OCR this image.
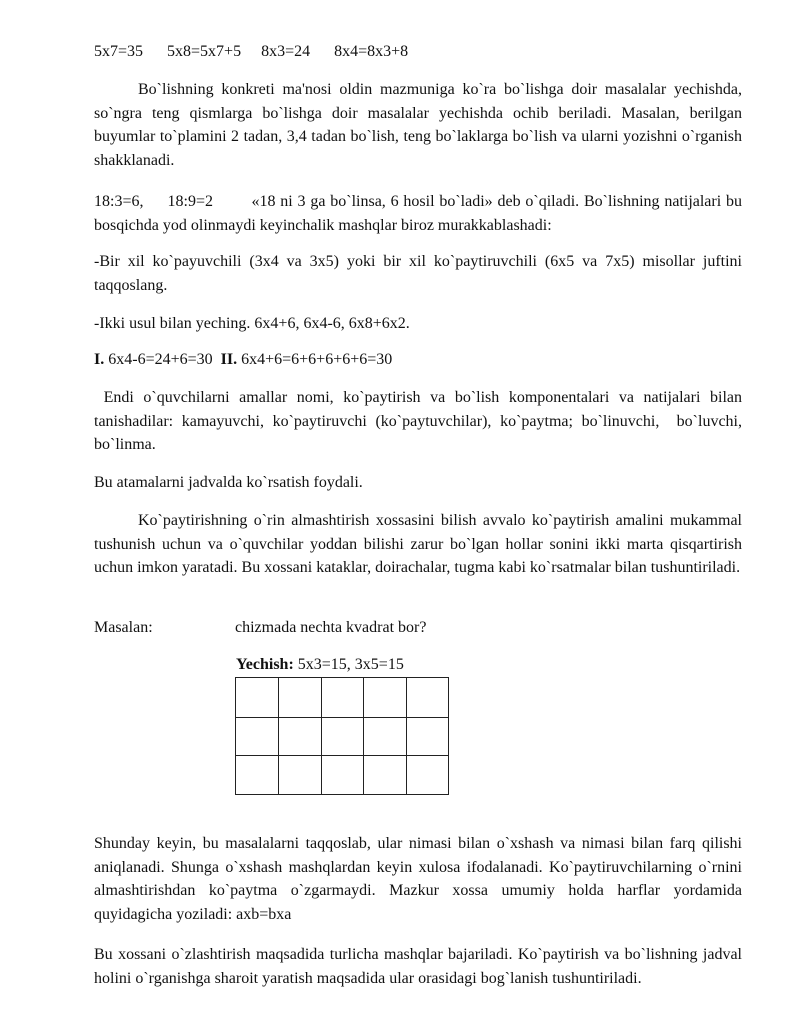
5x7=35 5x8=5x7+5 8x3=24 8x4=8x3+8

Bo`lishning konkreti ma'nosi oldin mazmuniga ko`ra bo`lishga doir masalalar yechishda, so`ngra teng qismlarga bo`lishga doir masalalar yechishda ochib beriladi. Masalan, berilgan buyumlar to`plamini 2 tadan, 3,4 tadan bo`lish, teng bo`laklarga bo`lish va ularni yozishni o`rganish shakklanadi.

18:3=6,     18:9=2        «18 ni 3 ga bo`linsa, 6 hosil bo`ladi» deb o`qiladi. Bo`lishning natijalari bu bosqichda yod olinmaydi keyinchalik mashqlar biroz murakkablashadi:

-Bir xil ko`payuvchili (3x4 va 3x5) yoki bir xil ko`paytiruvchili (6x5 va 7x5) misollar juftini taqqoslang.

-Ikki usul bilan yeching. 6x4+6, 6x4-6, 6x8+6x2.

I. 6x4-6=24+6=30  II. 6x4+6=6+6+6+6+6=30

Endi o`quvchilarni amallar nomi, ko`paytirish va bo`lish komponentalari va natijalari bilan tanishadilar: kamayuvchi, ko`paytiruvchi (ko`paytuvchilar), ko`paytma; bo`linuvchi,  bo`luvchi, bo`linma.

Bu atamalarni jadvalda ko`rsatish foydali.

Ko`paytirishning o`rin almashtirish xossasini bilish avvalo ko`paytirish amalini mukammal tushunish uchun va o`quvchilar yoddan bilishi zarur bo`lgan hollar sonini ikki marta qisqartirish uchun imkon yaratadi. Bu xossani kataklar, doirachalar, tugma kabi ko`rsatmalar bilan tushuntiriladi.

Masalan:	chizmada nechta kvadrat bor?
Yechish: 5x3=15, 3x5=15

Shunday keyin, bu masalalarni taqqoslab, ular nimasi bilan o`xshash va nimasi bilan farq qilishi aniqlanadi. Shunga o`xshash mashqlardan keyin xulosa ifodalanadi. Ko`paytiruvchilarning o`rnini almashtirishdan ko`paytma o`zgarmaydi. Mazkur xossa umumiy holda harflar yordamida quyidagicha yoziladi: axb=bxa

Bu xossani o`zlashtirish maqsadida turlicha mashqlar bajariladi. Ko`paytirish va bo`lishning jadval holini o`rganishga sharoit yaratish maqsadida ular orasidagi bog`lanish tushuntiriladi.
